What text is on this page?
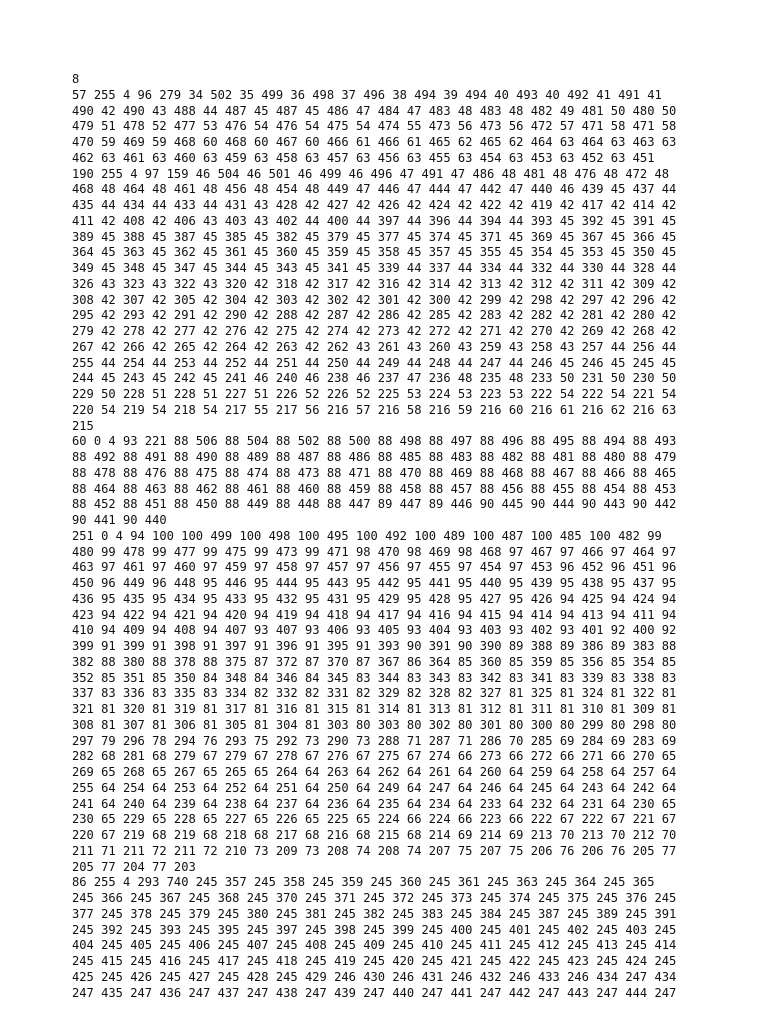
8
57 255 4 96 279 34 502 35 499 36 498 37 496 38 494 39 494 40 493 40 492 41 491 41
490 42 490 43 488 44 487 45 487 45 486 47 484 47 483 48 483 48 482 49 481 50 480 50
479 51 478 52 477 53 476 54 476 54 475 54 474 55 473 56 473 56 472 57 471 58 471 58
470 59 469 59 468 60 468 60 467 60 466 61 466 61 465 62 465 62 464 63 464 63 463 63
462 63 461 63 460 63 459 63 458 63 457 63 456 63 455 63 454 63 453 63 452 63 451
190 255 4 97 159 46 504 46 501 46 499 46 496 47 491 47 486 48 481 48 476 48 472 48
468 48 464 48 461 48 456 48 454 48 449 47 446 47 444 47 442 47 440 46 439 45 437 44
435 44 434 44 433 44 431 43 428 42 427 42 426 42 424 42 422 42 419 42 417 42 414 42
411 42 408 42 406 43 403 43 402 44 400 44 397 44 396 44 394 44 393 45 392 45 391 45
389 45 388 45 387 45 385 45 382 45 379 45 377 45 374 45 371 45 369 45 367 45 366 45
364 45 363 45 362 45 361 45 360 45 359 45 358 45 357 45 355 45 354 45 353 45 350 45
349 45 348 45 347 45 344 45 343 45 341 45 339 44 337 44 334 44 332 44 330 44 328 44
326 43 323 43 322 43 320 42 318 42 317 42 316 42 314 42 313 42 312 42 311 42 309 42
308 42 307 42 305 42 304 42 303 42 302 42 301 42 300 42 299 42 298 42 297 42 296 42
295 42 293 42 291 42 290 42 288 42 287 42 286 42 285 42 283 42 282 42 281 42 280 42
279 42 278 42 277 42 276 42 275 42 274 42 273 42 272 42 271 42 270 42 269 42 268 42
267 42 266 42 265 42 264 42 263 42 262 43 261 43 260 43 259 43 258 43 257 44 256 44
255 44 254 44 253 44 252 44 251 44 250 44 249 44 248 44 247 44 246 45 246 45 245 45
244 45 243 45 242 45 241 46 240 46 238 46 237 47 236 48 235 48 233 50 231 50 230 50
229 50 228 51 228 51 227 51 226 52 226 52 225 53 224 53 223 53 222 54 222 54 221 54
220 54 219 54 218 54 217 55 217 56 216 57 216 58 216 59 216 60 216 61 216 62 216 63
215
60 0 4 93 221 88 506 88 504 88 502 88 500 88 498 88 497 88 496 88 495 88 494 88 493
88 492 88 491 88 490 88 489 88 487 88 486 88 485 88 483 88 482 88 481 88 480 88 479
88 478 88 476 88 475 88 474 88 473 88 471 88 470 88 469 88 468 88 467 88 466 88 465
88 464 88 463 88 462 88 461 88 460 88 459 88 458 88 457 88 456 88 455 88 454 88 453
88 452 88 451 88 450 88 449 88 448 88 447 89 447 89 446 90 445 90 444 90 443 90 442
90 441 90 440
251 0 4 94 100 100 499 100 498 100 495 100 492 100 489 100 487 100 485 100 482 99
480 99 478 99 477 99 475 99 473 99 471 98 470 98 469 98 468 97 467 97 466 97 464 97
463 97 461 97 460 97 459 97 458 97 457 97 456 97 455 97 454 97 453 96 452 96 451 96
450 96 449 96 448 95 446 95 444 95 443 95 442 95 441 95 440 95 439 95 438 95 437 95
436 95 435 95 434 95 433 95 432 95 431 95 429 95 428 95 427 95 426 94 425 94 424 94
423 94 422 94 421 94 420 94 419 94 418 94 417 94 416 94 415 94 414 94 413 94 411 94
410 94 409 94 408 94 407 93 407 93 406 93 405 93 404 93 403 93 402 93 401 92 400 92
399 91 399 91 398 91 397 91 396 91 395 91 393 90 391 90 390 89 388 89 386 89 383 88
382 88 380 88 378 88 375 87 372 87 370 87 367 86 364 85 360 85 359 85 356 85 354 85
352 85 351 85 350 84 348 84 346 84 345 83 344 83 343 83 342 83 341 83 339 83 338 83
337 83 336 83 335 83 334 82 332 82 331 82 329 82 328 82 327 81 325 81 324 81 322 81
321 81 320 81 319 81 317 81 316 81 315 81 314 81 313 81 312 81 311 81 310 81 309 81
308 81 307 81 306 81 305 81 304 81 303 80 303 80 302 80 301 80 300 80 299 80 298 80
297 79 296 78 294 76 293 75 292 73 290 73 288 71 287 71 286 70 285 69 284 69 283 69
282 68 281 68 279 67 279 67 278 67 276 67 275 67 274 66 273 66 272 66 271 66 270 65
269 65 268 65 267 65 265 65 264 64 263 64 262 64 261 64 260 64 259 64 258 64 257 64
255 64 254 64 253 64 252 64 251 64 250 64 249 64 247 64 246 64 245 64 243 64 242 64
241 64 240 64 239 64 238 64 237 64 236 64 235 64 234 64 233 64 232 64 231 64 230 65
230 65 229 65 228 65 227 65 226 65 225 65 224 66 224 66 223 66 222 67 222 67 221 67
220 67 219 68 219 68 218 68 217 68 216 68 215 68 214 69 214 69 213 70 213 70 212 70
211 71 211 72 211 72 210 73 209 73 208 74 208 74 207 75 207 75 206 76 206 76 205 77
205 77 204 77 203
86 255 4 293 740 245 357 245 358 245 359 245 360 245 361 245 363 245 364 245 365
245 366 245 367 245 368 245 370 245 371 245 372 245 373 245 374 245 375 245 376 245
377 245 378 245 379 245 380 245 381 245 382 245 383 245 384 245 387 245 389 245 391
245 392 245 393 245 395 245 397 245 398 245 399 245 400 245 401 245 402 245 403 245
404 245 405 245 406 245 407 245 408 245 409 245 410 245 411 245 412 245 413 245 414
245 415 245 416 245 417 245 418 245 419 245 420 245 421 245 422 245 423 245 424 245
425 245 426 245 427 245 428 245 429 246 430 246 431 246 432 246 433 246 434 247 434
247 435 247 436 247 437 247 438 247 439 247 440 247 441 247 442 247 443 247 444 247
